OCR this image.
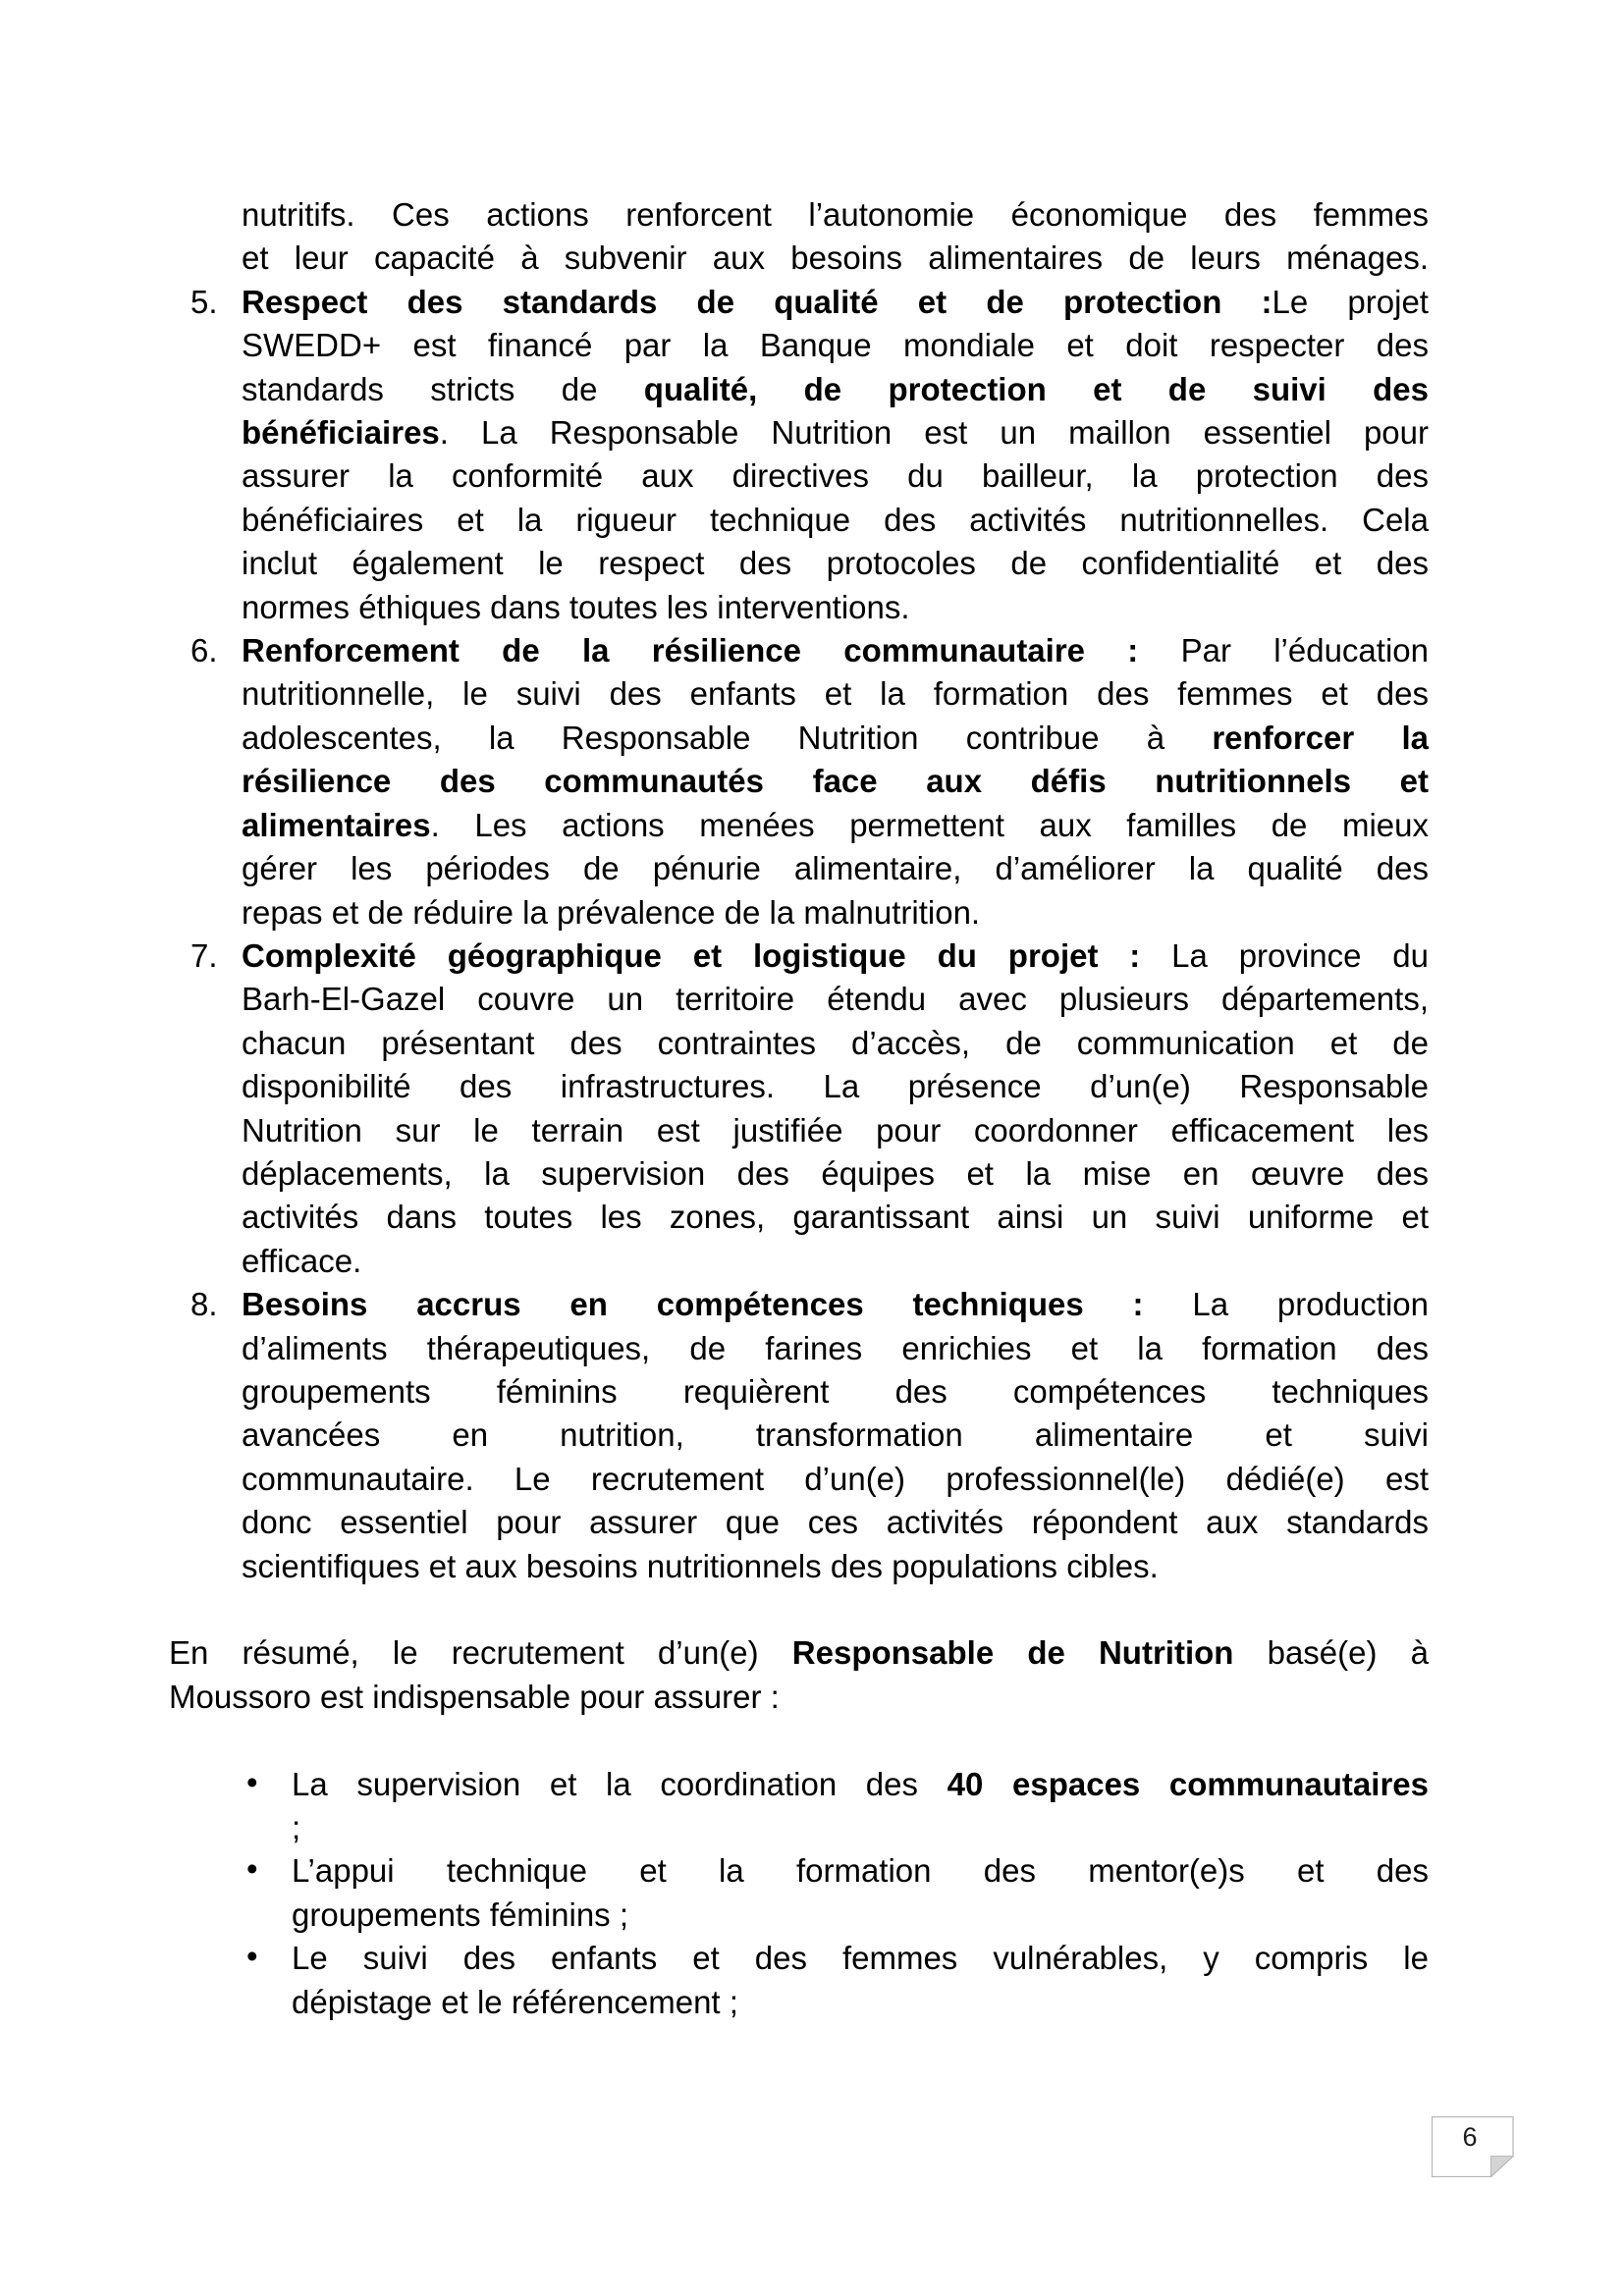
nutritifs. Ces actions renforcent l’autonomie économique des femmes
et leur capacité à subvenir aux besoins alimentaires de leurs ménages.
5. Respect des standards de qualité et de protection :Le projet
SWEDD+ est financé par la Banque mondiale et doit respecter des
standards stricts de qualité, de protection et de suivi des
bénéficiaires. La Responsable Nutrition est un maillon essentiel pour
assurer la conformité aux directives du bailleur, la protection des
bénéficiaires et la rigueur technique des activités nutritionnelles. Cela
inclut également le respect des protocoles de confidentialité et des
normes éthiques dans toutes les interventions.
6. Renforcement de la résilience communautaire : Par l’éducation
nutritionnelle, le suivi des enfants et la formation des femmes et des
adolescentes, la Responsable Nutrition contribue à renforcer la
résilience des communautés face aux défis nutritionnels et
alimentaires. Les actions menées permettent aux familles de mieux
gérer les périodes de pénurie alimentaire, d’améliorer la qualité des
repas et de réduire la prévalence de la malnutrition.
7. Complexité géographique et logistique du projet : La province du
Barh-El-Gazel couvre un territoire étendu avec plusieurs départements,
chacun présentant des contraintes d’accès, de communication et de
disponibilité des infrastructures. La présence d’un(e) Responsable
Nutrition sur le terrain est justifiée pour coordonner efficacement les
déplacements, la supervision des équipes et la mise en œuvre des
activités dans toutes les zones, garantissant ainsi un suivi uniforme et
efficace.
8. Besoins accrus en compétences techniques : La production
d’aliments thérapeutiques, de farines enrichies et la formation des
groupements féminins requièrent des compétences techniques
avancées en nutrition, transformation alimentaire et suivi
communautaire. Le recrutement d’un(e) professionnel(le) dédié(e) est
donc essentiel pour assurer que ces activités répondent aux standards
scientifiques et aux besoins nutritionnels des populations cibles.
En résumé, le recrutement d’un(e) Responsable de Nutrition basé(e) à
Moussoro est indispensable pour assurer :
•	La supervision et la coordination des 40 espaces communautaires
;
•	L’appui technique et la formation des mentor(e)s et des
groupements féminins ;
•	Le suivi des enfants et des femmes vulnérables, y compris le
dépistage et le référencement ;
6
